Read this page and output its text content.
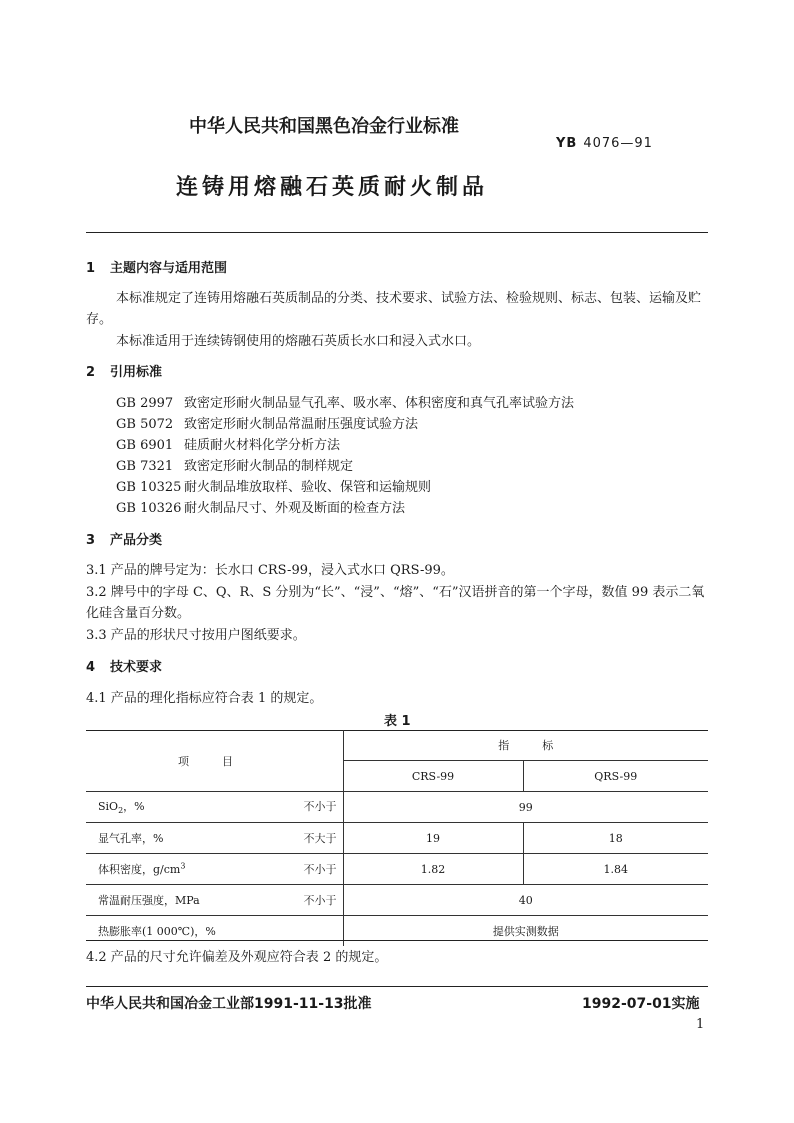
中华人民共和国黑色冶金行业标准
YB 4076—91
连铸用熔融石英质耐火制品
1 主题内容与适用范围
本标准规定了连铸用熔融石英质制品的分类、技术要求、试验方法、检验规则、标志、包装、运输及贮
存。
本标准适用于连续铸钢使用的熔融石英质长水口和浸入式水口。
2 引用标准
GB 2997 致密定形耐火制品显气孔率、吸水率、体积密度和真气孔率试验方法
GB 5072 致密定形耐火制品常温耐压强度试验方法
GB 6901 硅质耐火材料化学分析方法
GB 7321 致密定形耐火制品的制样规定
GB 10325 耐火制品堆放取样、验收、保管和运输规则
GB 10326 耐火制品尺寸、外观及断面的检查方法
3 产品分类
3.1 产品的牌号定为：长水口 CRS-99，浸入式水口 QRS-99。
3.2 牌号中的字母 C、Q、R、S 分别为“长”、“浸”、“熔”、“石”汉语拼音的第一个字母，数值 99 表示二氧
化硅含量百分数。
3.3 产品的形状尺寸按用户图纸要求。
4 技术要求
4.1 产品的理化指标应符合表 1 的规定。
表 1
项　　　目	指　　　标	
	CRS-99	QRS-99

SiO$_2$，% 不小于	99	

显气孔率，% 不大于	19	18

体积密度，$g/cm^3$ 不小于	1.82	1.84

常温耐压强度，MPa 不小于	40	

热膨胀率(1 000℃)，%	提供实测数据	
4.2 产品的尺寸允许偏差及外观应符合表 2 的规定。
中华人民共和国冶金工业部1991-11-13批准	1992-07-01实施
1
